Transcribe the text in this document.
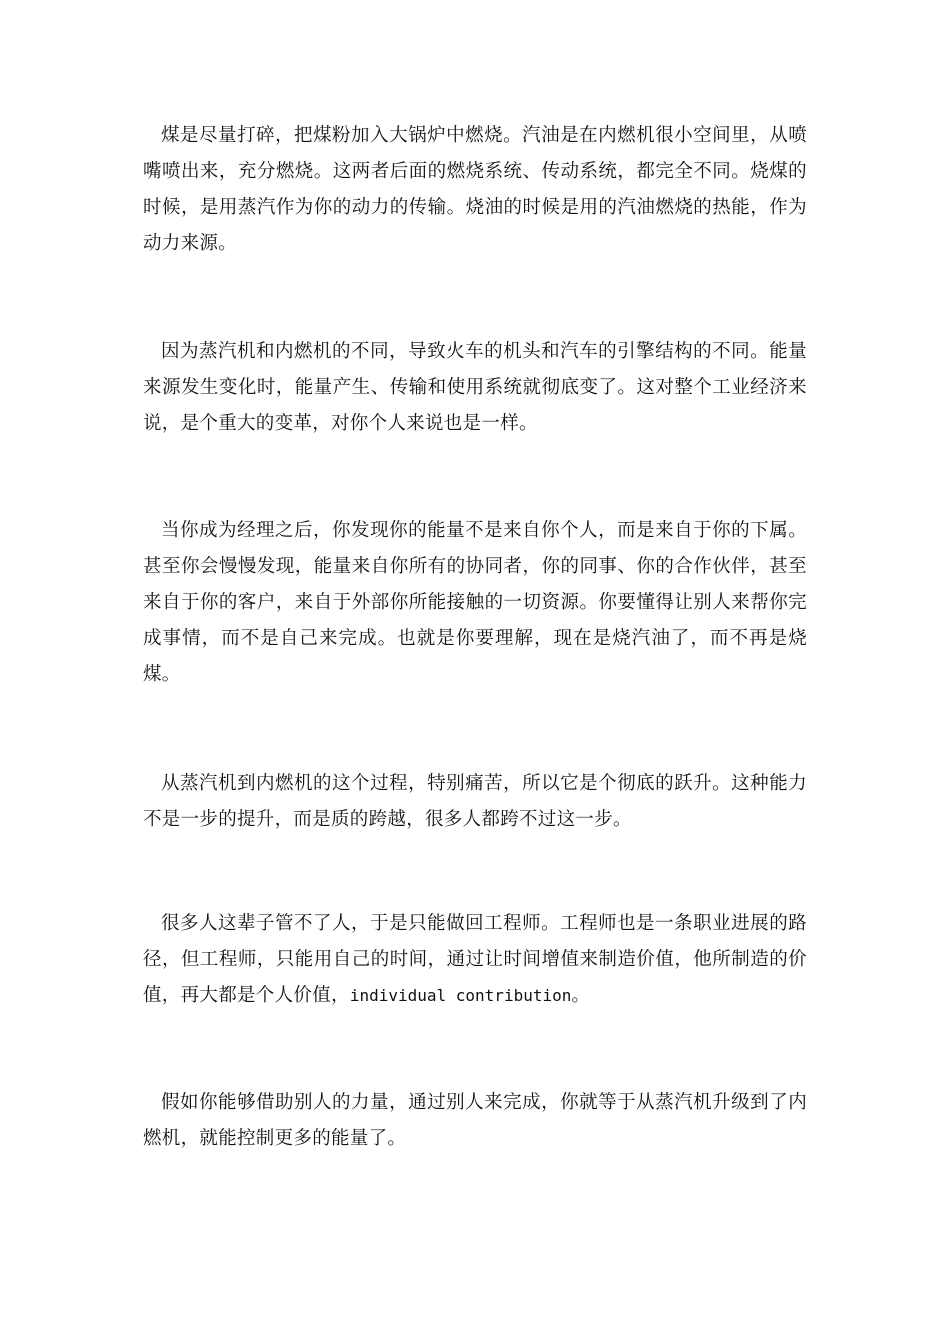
煤是尽量打碎，把煤粉加入大锅炉中燃烧。汽油是在内燃机很小空间里，从喷嘴喷出来，充分燃烧。这两者后面的燃烧系统、传动系统，都完全不同。烧煤的时候，是用蒸汽作为你的动力的传输。烧油的时候是用的汽油燃烧的热能，作为动力来源。

因为蒸汽机和内燃机的不同，导致火车的机头和汽车的引擎结构的不同。能量来源发生变化时，能量产生、传输和使用系统就彻底变了。这对整个工业经济来说，是个重大的变革，对你个人来说也是一样。

当你成为经理之后，你发现你的能量不是来自你个人，而是来自于你的下属。甚至你会慢慢发现，能量来自你所有的协同者，你的同事、你的合作伙伴，甚至来自于你的客户，来自于外部你所能接触的一切资源。你要懂得让别人来帮你完成事情，而不是自己来完成。也就是你要理解，现在是烧汽油了，而不再是烧煤。

从蒸汽机到内燃机的这个过程，特别痛苦，所以它是个彻底的跃升。这种能力不是一步的提升，而是质的跨越，很多人都跨不过这一步。

很多人这辈子管不了人，于是只能做回工程师。工程师也是一条职业进展的路径，但工程师，只能用自己的时间，通过让时间增值来制造价值，他所制造的价值，再大都是个人价值，individual contribution。

假如你能够借助别人的力量，通过别人来完成，你就等于从蒸汽机升级到了内燃机，就能控制更多的能量了。
